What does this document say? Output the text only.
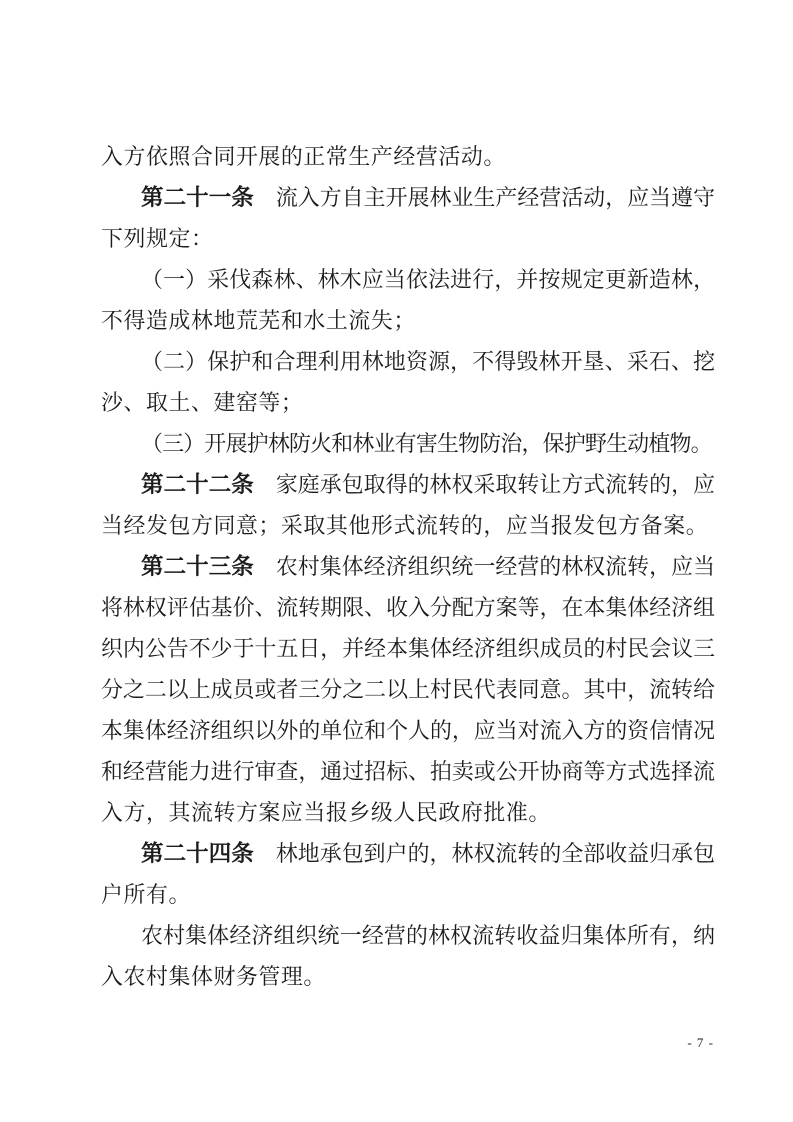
入方依照合同开展的正常生产经营活动。
第二十一条　流入方自主开展林业生产经营活动，应当遵守
下列规定：
（一）采伐森林、林木应当依法进行，并按规定更新造林，
不得造成林地荒芜和水土流失；
（二）保护和合理利用林地资源，不得毁林开垦、采石、挖
沙、取土、建窑等；
（三）开展护林防火和林业有害生物防治，保护野生动植物。
第二十二条　家庭承包取得的林权采取转让方式流转的，应
当经发包方同意；采取其他形式流转的，应当报发包方备案。
第二十三条　农村集体经济组织统一经营的林权流转，应当
将林权评估基价、流转期限、收入分配方案等，在本集体经济组
织内公告不少于十五日，并经本集体经济组织成员的村民会议三
分之二以上成员或者三分之二以上村民代表同意。其中，流转给
本集体经济组织以外的单位和个人的，应当对流入方的资信情况
和经营能力进行审查，通过招标、拍卖或公开协商等方式选择流
入方，其流转方案应当报乡级人民政府批准。
第二十四条　林地承包到户的，林权流转的全部收益归承包
户所有。
农村集体经济组织统一经营的林权流转收益归集体所有，纳
入农村集体财务管理。
- 7 -
